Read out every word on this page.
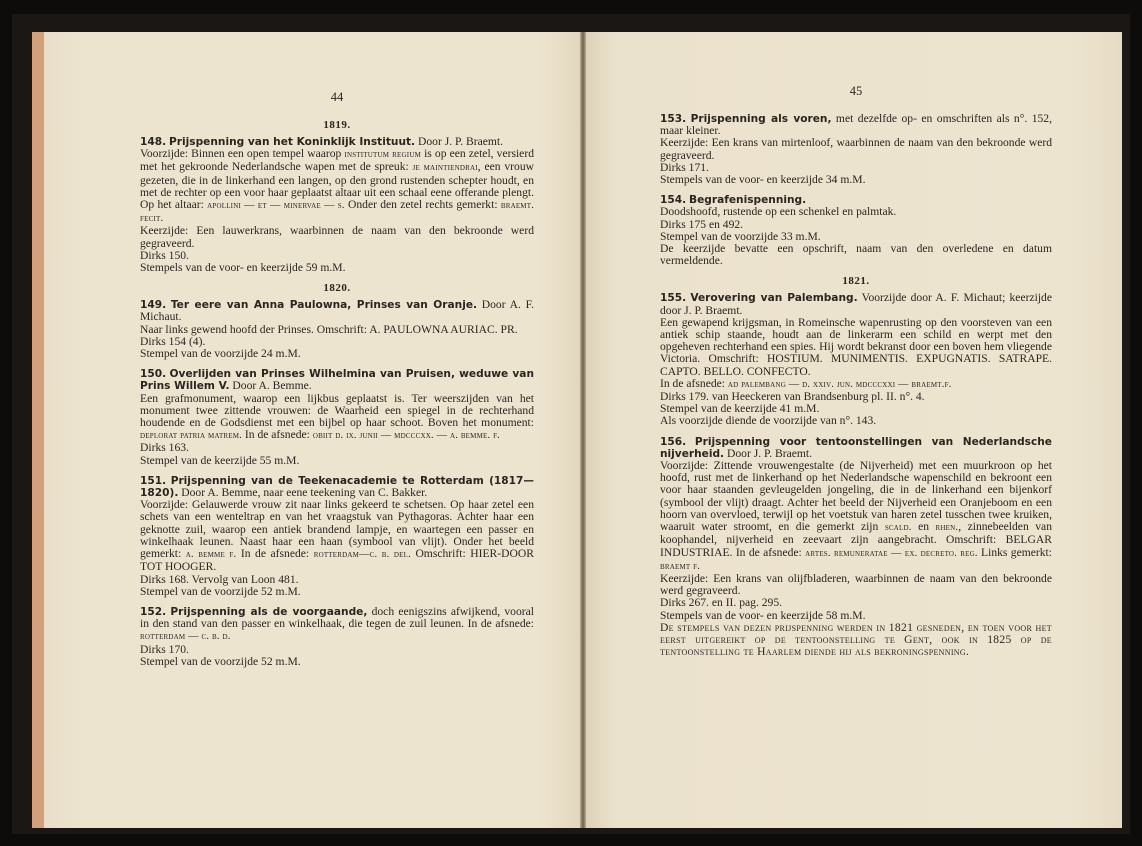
44
1819.

148. Prijspenning van het Koninklijk Instituut. Door J. P. Braemt.

Voorzijde: Binnen een open tempel waarop institutum regium is op een zetel, versierd met het gekroonde Nederlandsche wapen met de spreuk: je maintiendrai, een vrouw gezeten, die in de linkerhand een langen, op den grond rustenden schepter houdt, en met de rechter op een voor haar geplaatst altaar uit een schaal eene offerande plengt. Op het altaar: apollini — et — minervae — s. Onder den zetel rechts gemerkt: braemt. fecit.

Keerzijde: Een lauwerkrans, waarbinnen de naam van den bekroonde werd gegraveerd.

Dirks 150.

Stempels van de voor- en keerzijde 59 m.M.

1820.

149. Ter eere van Anna Paulowna, Prinses van Oranje. Door A. F. Michaut.

Naar links gewend hoofd der Prinses. Omschrift: A. PAULOWNA AURIAC. PR.

Dirks 154 (4).

Stempel van de voorzijde 24 m.M.

150. Overlijden van Prinses Wilhelmina van Pruisen, weduwe van Prins Willem V. Door A. Bemme.

Een grafmonument, waarop een lijkbus geplaatst is. Ter weerszijden van het monument twee zittende vrouwen: de Waarheid een spiegel in de rechterhand houdende en de Godsdienst met een bijbel op haar schoot. Boven het monument: deplorat patria matrem. In de afsnede: obiit d. ix. junii — mdcccxx. — a. bemme. f.

Dirks 163.

Stempel van de keerzijde 55 m.M.

151. Prijspenning van de Teekenacademie te Rotterdam (1817—1820). Door A. Bemme, naar eene teekening van C. Bakker.

Voorzijde: Gelauwerde vrouw zit naar links gekeerd te schetsen. Op haar zetel een schets van een wenteltrap en van het vraagstuk van Pythagoras. Achter haar een geknotte zuil, waarop een antiek brandend lampje, en waartegen een passer en winkelhaak leunen. Naast haar een haan (symbool van vlijt). Onder het beeld gemerkt: a. bemme f. In de afsnede: rotterdam—c. b. del. Omschrift: HIER-DOOR TOT HOOGER.

Dirks 168. Vervolg van Loon 481.

Stempel van de voorzijde 52 m.M.

152. Prijspenning als de voorgaande, doch eenigszins afwijkend, vooral in den stand van den passer en winkelhaak, die tegen de zuil leunen. In de afsnede: rotterdam — c. b. d.

Dirks 170.

Stempel van de voorzijde 52 m.M.

45

153. Prijspenning als voren, met dezelfde op- en omschriften als n°. 152, maar kleiner.

Keerzijde: Een krans van mirtenloof, waarbinnen de naam van den bekroonde werd gegraveerd.

Dirks 171.

Stempels van de voor- en keerzijde 34 m.M.

154. Begrafenispenning.

Doodshoofd, rustende op een schenkel en palmtak.

Dirks 175 en 492.

Stempel van de voorzijde 33 m.M.

De keerzijde bevatte een opschrift, naam van den overledene en datum vermeldende.

1821.

155. Verovering van Palembang. Voorzijde door A. F. Michaut; keerzijde door J. P. Braemt.

Een gewapend krijgsman, in Romeinsche wapenrusting op den voorsteven van een antiek schip staande, houdt aan de linkerarm een schild en werpt met den opgeheven rechterhand een spies. Hij wordt bekranst door een boven hem vliegende Victoria. Omschrift: HOSTIUM. MUNIMENTIS. EXPUGNATIS. SATRAPE. CAPTO. BELLO. CONFECTO.

In de afsnede: ad palembang — d. xxiv. jun. mdcccxxi — braemt.f.

Dirks 179. van Heeckeren van Brandsenburg pl. II. n°. 4.

Stempel van de keerzijde 41 m.M.

Als voorzijde diende de voorzijde van n°. 143.

156. Prijspenning voor tentoonstellingen van Nederlandsche nijverheid. Door J. P. Braemt.

Voorzijde: Zittende vrouwengestalte (de Nijverheid) met een muurkroon op het hoofd, rust met de linkerhand op het Nederlandsche wapenschild en bekroont een voor haar staanden gevleugelden jongeling, die in de linkerhand een bijenkorf (symbool der vlijt) draagt. Achter het beeld der Nijverheid een Oranjeboom en een hoorn van overvloed, terwijl op het voetstuk van haren zetel tusschen twee kruiken, waaruit water stroomt, en die gemerkt zijn scald. en rhen., zinnebeelden van koophandel, nijverheid en zeevaart zijn aangebracht. Omschrift: BELGAR INDUSTRIAE. In de afsnede: artes. remuneratae — ex. decreto. reg. Links gemerkt: braemt f.

Keerzijde: Een krans van olijfbladeren, waarbinnen de naam van den bekroonde werd gegraveerd.

Dirks 267. en II. pag. 295.

Stempels van de voor- en keerzijde 58 m.M.

De stempels van dezen prijspenning werden in 1821 gesneden, en toen voor het eerst uitgereikt op de tentoonstelling te Gent, ook in 1825 op de tentoonstelling te Haarlem diende hij als bekroningspenning.
